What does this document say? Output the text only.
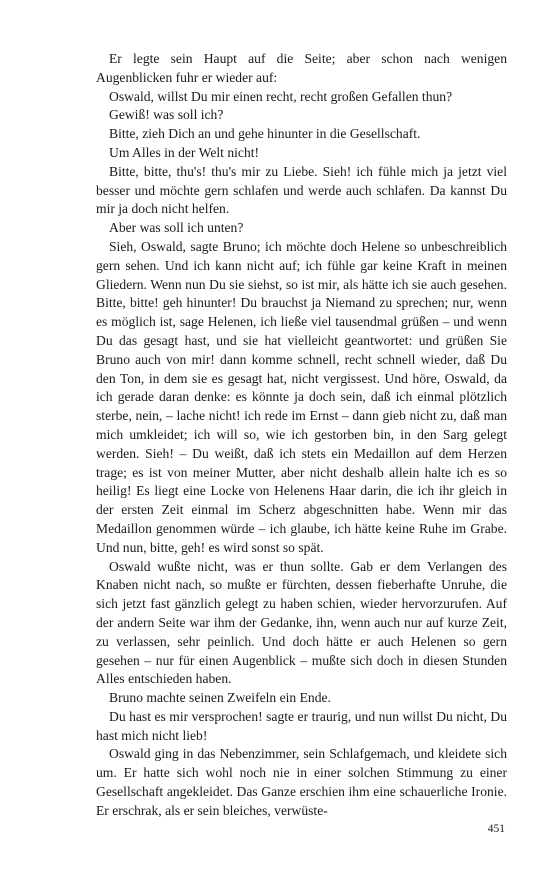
Er legte sein Haupt auf die Seite; aber schon nach wenigen Augenblicken fuhr er wieder auf:

Oswald, willst Du mir einen recht, recht großen Gefallen thun?

Gewiß! was soll ich?

Bitte, zieh Dich an und gehe hinunter in die Gesellschaft.

Um Alles in der Welt nicht!

Bitte, bitte, thu's! thu's mir zu Liebe. Sieh! ich fühle mich ja jetzt viel besser und möchte gern schlafen und werde auch schlafen. Da kannst Du mir ja doch nicht helfen.

Aber was soll ich unten?

Sieh, Oswald, sagte Bruno; ich möchte doch Helene so unbeschreiblich gern sehen. Und ich kann nicht auf; ich fühle gar keine Kraft in meinen Gliedern. Wenn nun Du sie siehst, so ist mir, als hätte ich sie auch gesehen. Bitte, bitte! geh hinunter! Du brauchst ja Niemand zu sprechen; nur, wenn es möglich ist, sage Helenen, ich ließe viel tausendmal grüßen – und wenn Du das gesagt hast, und sie hat vielleicht geantwortet: und grüßen Sie Bruno auch von mir! dann komme schnell, recht schnell wieder, daß Du den Ton, in dem sie es gesagt hat, nicht vergissest. Und höre, Oswald, da ich gerade daran denke: es könnte ja doch sein, daß ich einmal plötzlich sterbe, nein, – lache nicht! ich rede im Ernst – dann gieb nicht zu, daß man mich umkleidet; ich will so, wie ich gestorben bin, in den Sarg gelegt werden. Sieh! – Du weißt, daß ich stets ein Medaillon auf dem Herzen trage; es ist von meiner Mutter, aber nicht deshalb allein halte ich es so heilig! Es liegt eine Locke von Helenens Haar darin, die ich ihr gleich in der ersten Zeit einmal im Scherz abgeschnitten habe. Wenn mir das Medaillon genommen würde – ich glaube, ich hätte keine Ruhe im Grabe. Und nun, bitte, geh! es wird sonst so spät.

Oswald wußte nicht, was er thun sollte. Gab er dem Verlangen des Knaben nicht nach, so mußte er fürchten, dessen fieberhafte Unruhe, die sich jetzt fast gänzlich gelegt zu haben schien, wieder hervorzurufen. Auf der andern Seite war ihm der Gedanke, ihn, wenn auch nur auf kurze Zeit, zu verlassen, sehr peinlich. Und doch hätte er auch Helenen so gern gesehen – nur für einen Augenblick – mußte sich doch in diesen Stunden Alles entschieden haben.

Bruno machte seinen Zweifeln ein Ende.

Du hast es mir versprochen! sagte er traurig, und nun willst Du nicht, Du hast mich nicht lieb!

Oswald ging in das Nebenzimmer, sein Schlafgemach, und kleidete sich um. Er hatte sich wohl noch nie in einer solchen Stimmung zu einer Gesellschaft angekleidet. Das Ganze erschien ihm eine schauerliche Ironie. Er erschrak, als er sein bleiches, verwüste-

451
